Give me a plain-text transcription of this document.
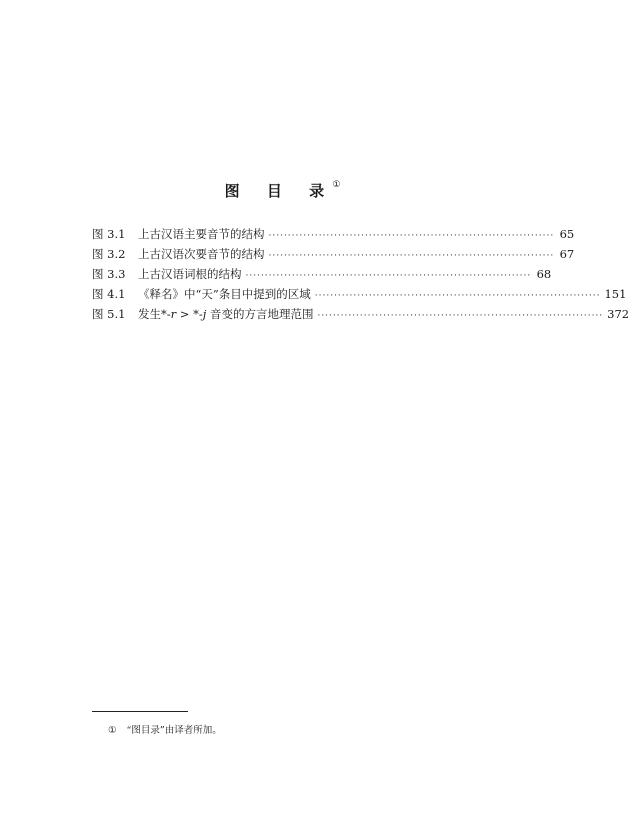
图 目 录 ①
图 3.1	上古汉语主要音节的结构 ·········································································· 65
图 3.2	上古汉语次要音节的结构 ·········································································· 67
图 3.3	上古汉语词根的结构 ·········································································· 68
图 4.1	《释名》中“天”条目中提到的区域 ·········································································· 151
图 5.1	发生*-r > *-j 音变的方言地理范围 ·········································································· 372
① “图目录”由译者所加。
